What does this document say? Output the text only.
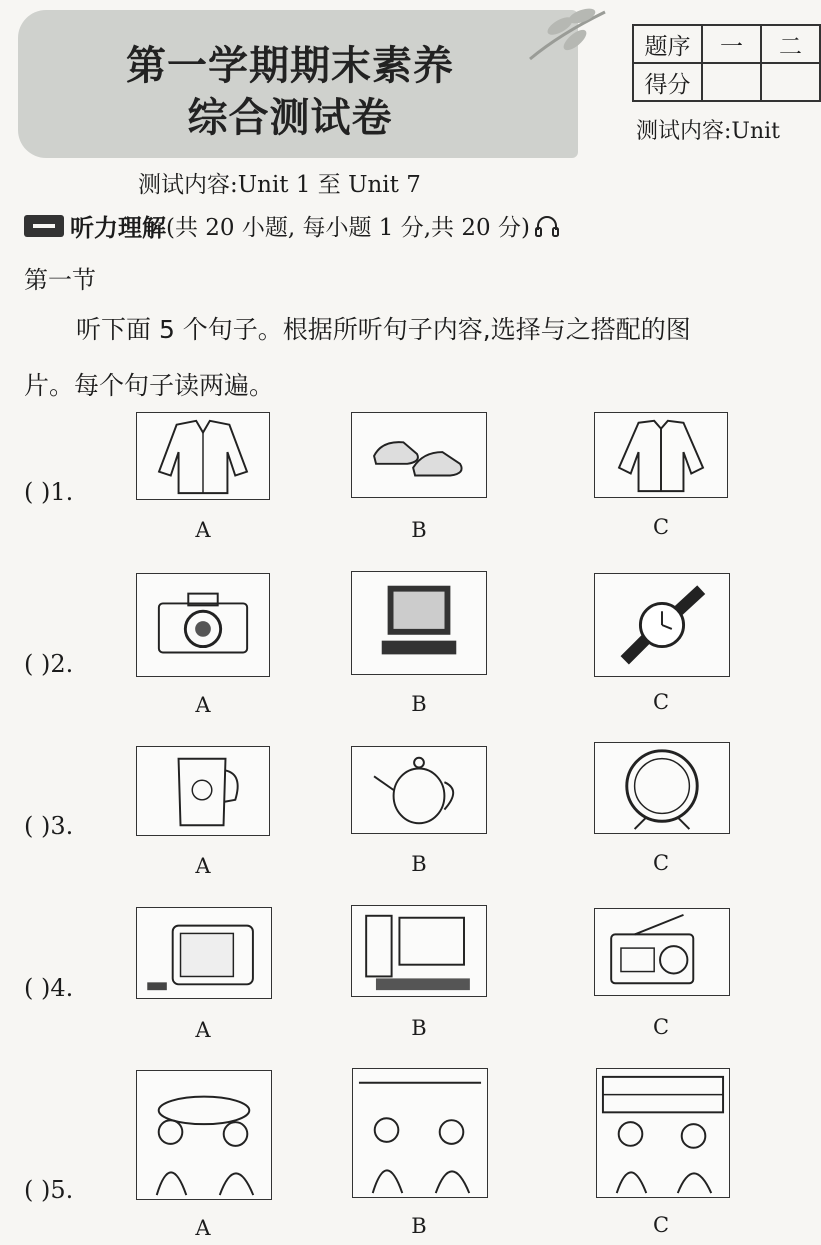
第一学期期末素养
综合测试卷
题序	一	二
得分		
测试内容:Unit
测试内容:Unit 1 至 Unit 7
听力理解 (共 20 小题, 每小题 1 分,共 20 分)
第一节
听下面 5 个句子。根据所听句子内容,选择与之搭配的图片。每个句子读两遍。
( )1.
A	B	C
( )2.
A	B	C
( )3.
A	B	C
( )4.
A	B	C
( )5.
A	B	C
